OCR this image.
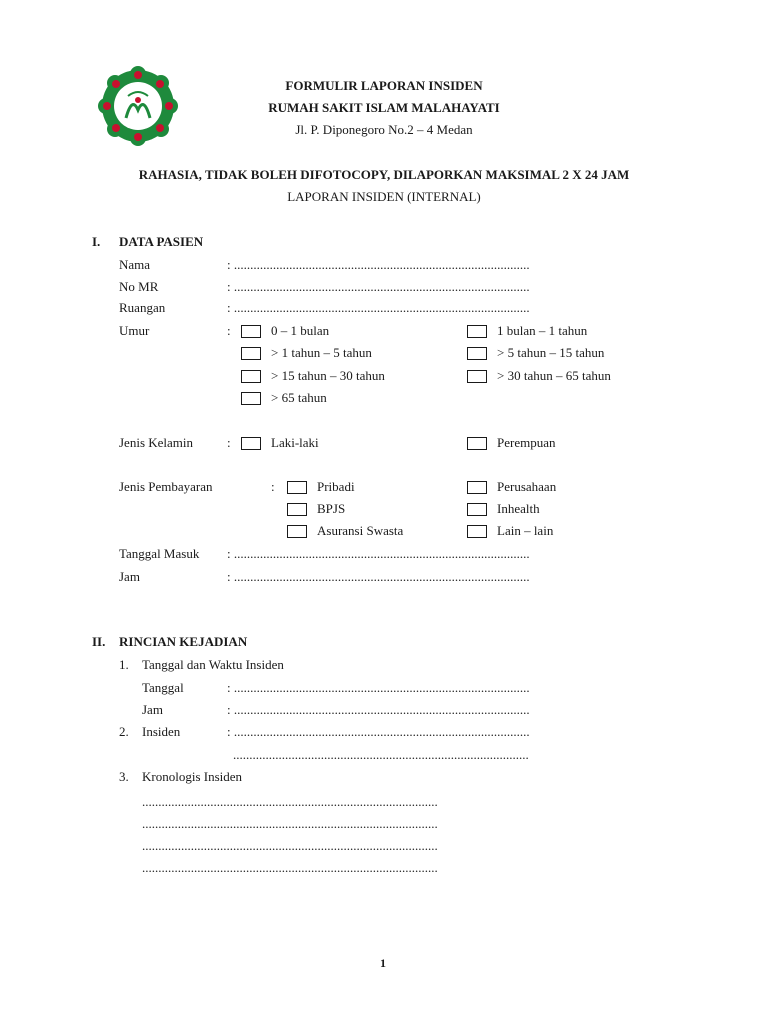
FORMULIR LAPORAN INSIDEN
RUMAH SAKIT ISLAM MALAHAYATI
Jl. P. Diponegoro No.2 – 4 Medan
RAHASIA, TIDAK BOLEH DIFOTOCOPY, DILAPORKAN MAKSIMAL 2 X 24 JAM
LAPORAN INSIDEN (INTERNAL)
I. DATA PASIEN
Nama	: ...........................................................................................
No MR	: ...........................................................................................
Ruangan	: ...........................................................................................
Umur	:	0 – 1 bulan	1 bulan – 1 tahun
> 1 tahun – 5 tahun	> 5 tahun – 15 tahun
> 15 tahun – 30 tahun	> 30 tahun – 65 tahun
> 65 tahun
Jenis Kelamin	:	Laki-laki	Perempuan
Jenis Pembayaran	:	Pribadi	Perusahaan
BPJS	Inhealth
Asuransi Swasta	Lain – lain
Tanggal Masuk : ...........................................................................................
Jam	: ...........................................................................................
II. RINCIAN KEJADIAN
1. Tanggal dan Waktu Insiden
Tanggal	: ...........................................................................................
Jam	: ...........................................................................................
2. Insiden	: ...........................................................................................
...........................................................................................
3. Kronologis Insiden
...........................................................................................
...........................................................................................
...........................................................................................
...........................................................................................
1
